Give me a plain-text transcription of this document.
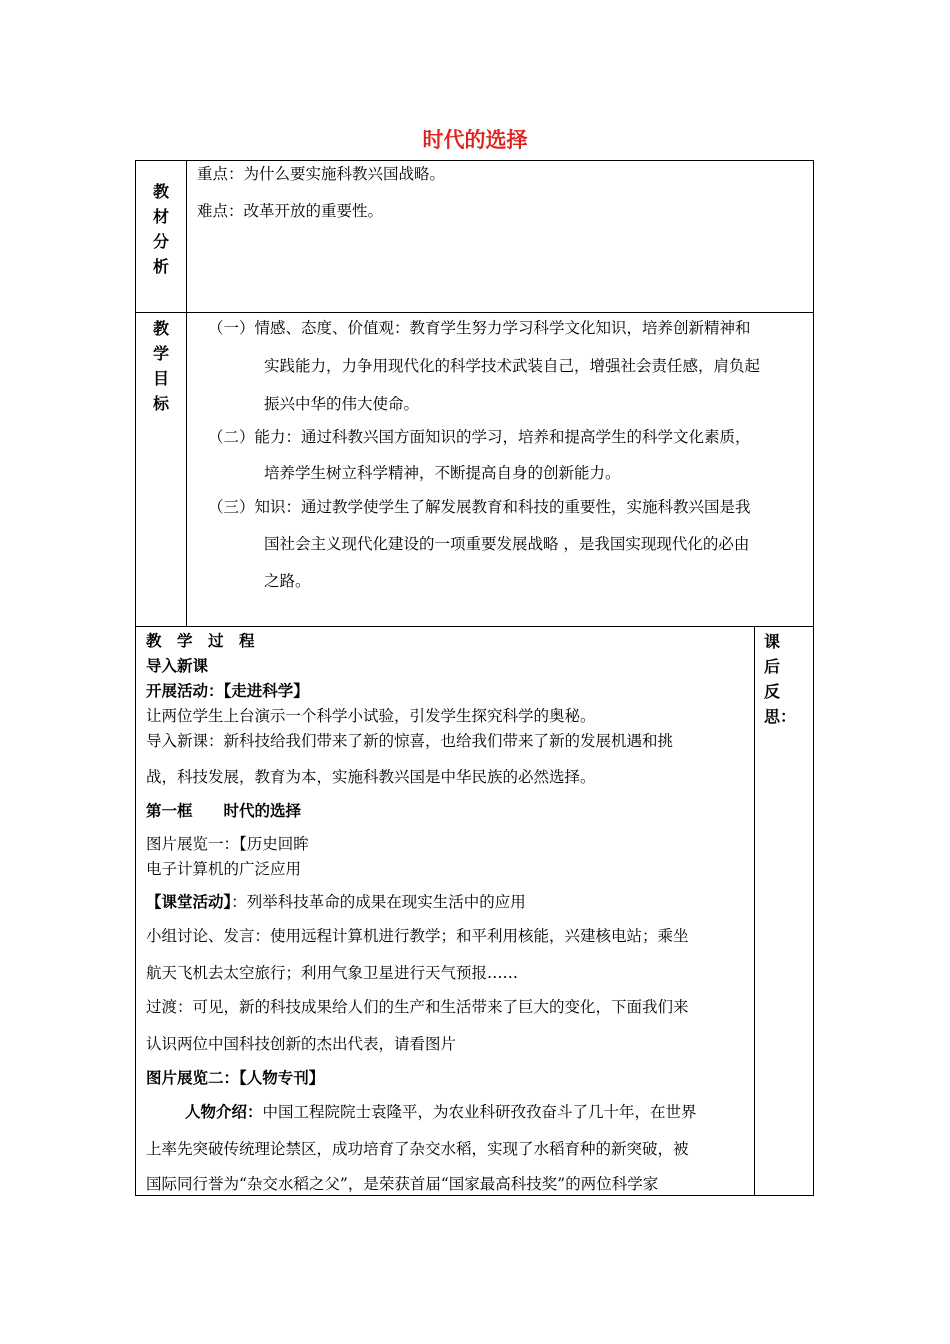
时代的选择
教
材
分
析
重点：为什么要实施科教兴国战略。
难点：改革开放的重要性。
教
学
目
标
（一）情感、态度、价值观：教育学生努力学习科学文化知识，培养创新精神和
实践能力，力争用现代化的科学技术武装自己，增强社会责任感，肩负起
振兴中华的伟大使命。
（二）能力：通过科教兴国方面知识的学习，培养和提高学生的科学文化素质，
培养学生树立科学精神，不断提高自身的创新能力。
（三）知识：通过教学使学生了解发展教育和科技的重要性，实施科教兴国是我
国社会主义现代化建设的一项重要发展战略 ，是我国实现现代化的必由
之路。
教　学　过　程
导入新课
开展活动：【走进科学】
让两位学生上台演示一个科学小试验，引发学生探究科学的奥秘。
导入新课：新科技给我们带来了新的惊喜，也给我们带来了新的发展机遇和挑
战，科技发展，教育为本，实施科教兴国是中华民族的必然选择。
第一框　　时代的选择
图片展览一：【历史回眸
电子计算机的广泛应用
【课堂活动】：列举科技革命的成果在现实生活中的应用
小组讨论、发言：使用远程计算机进行教学；和平利用核能，兴建核电站；乘坐
航天飞机去太空旅行；利用气象卫星进行天气预报……
过渡：可见，新的科技成果给人们的生产和生活带来了巨大的变化，下面我们来
认识两位中国科技创新的杰出代表，请看图片
图片展览二：【人物专刊】
人物介绍：中国工程院院士袁隆平，为农业科研孜孜奋斗了几十年，在世界
上率先突破传统理论禁区，成功培育了杂交水稻，实现了水稻育种的新突破，被
国际同行誉为“杂交水稻之父”，是荣获首届“国家最高科技奖”的两位科学家
课
后
反
思：
